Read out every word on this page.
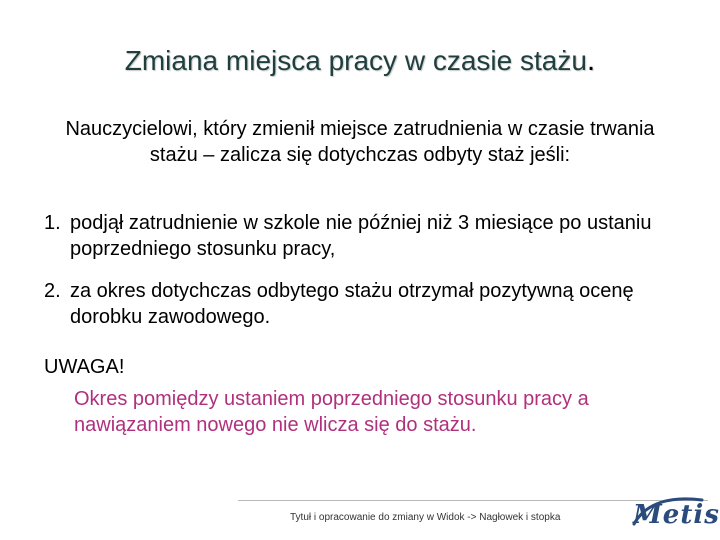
Zmiana miejsca pracy w czasie stażu.
Nauczycielowi, który zmienił miejsce zatrudnienia w czasie trwania stażu – zalicza się dotychczas odbyty staż jeśli:
1. podjął zatrudnienie w szkole nie później niż 3 miesiące po ustaniu poprzedniego stosunku pracy,
2. za okres dotychczas odbytego stażu otrzymał pozytywną ocenę dorobku zawodowego.
UWAGA!
Okres pomiędzy ustaniem poprzedniego stosunku pracy a nawiązaniem nowego nie wlicza się do stażu.
Tytuł i opracowanie do zmiany w Widok -> Nagłowek i stopka	Metis
